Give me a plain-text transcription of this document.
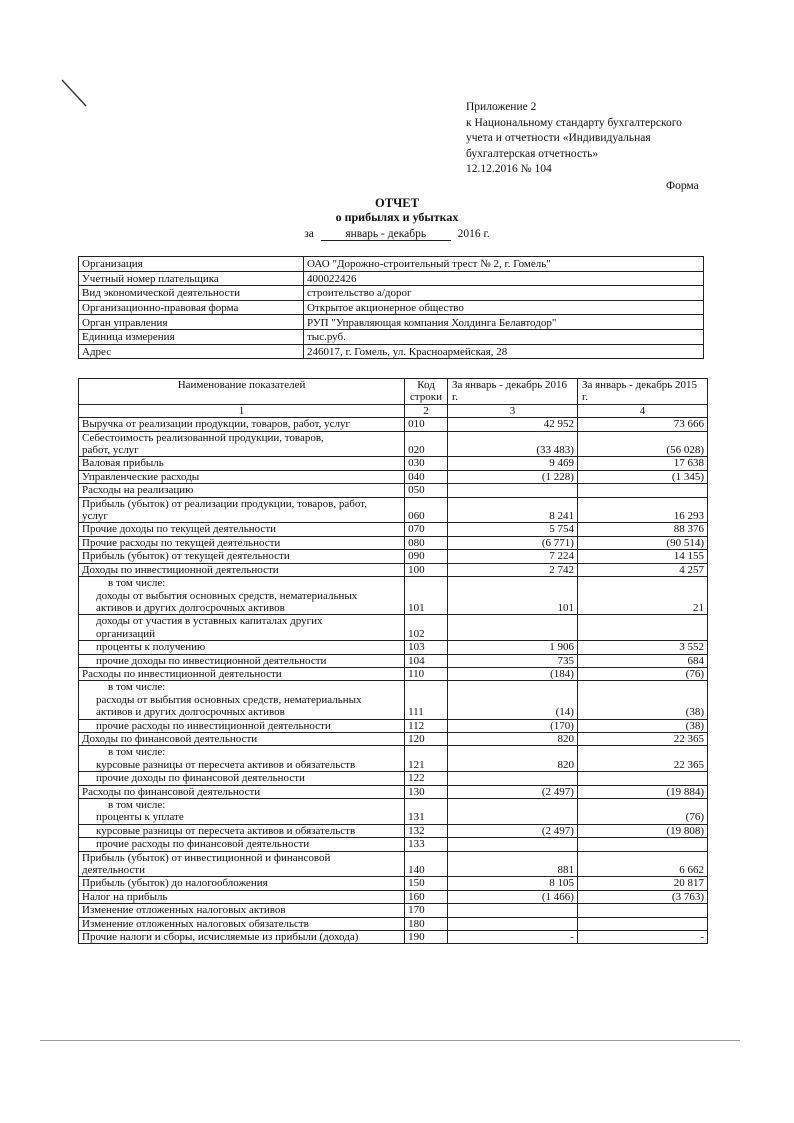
Приложение 2
к Национальному стандарту бухгалтерского
учета и отчетности «Индивидуальная
бухгалтерская отчетность»
12.12.2016 № 104
Форма
ОТЧЕТ
о прибылях и убытках
за	январь - декабрь	2016 г.
Организация	ОАО "Дорожно-строительный трест № 2, г. Гомель"
Учетный номер плательщика	400022426
Вид экономической деятельности	строительство а/дорог
Организационно-правовая форма	Открытое акционерное общество
Орган управления	РУП "Управляющая компания Холдинга Белавтодор"
Единица измерения	тыс.руб.
Адрес	246017, г. Гомель, ул. Красноармейская, 28
Наименование показателей	Код строки	За январь - декабрь 2016 г.	За январь - декабрь 2015 г.
1	2	3	4

Выручка от реализации продукции, товаров, работ, услуг	010	42 952	73 666

Себестоимость реализованной продукции, товаров,
работ, услуг	020	(33 483)	(56 028)

Валовая прибыль	030	9 469	17 638

Управленческие расходы	040	(1 228)	(1 345)

Расходы на реализацию	050		

Прибыль (убыток) от реализации продукции, товаров, работ,
услуг	060	8 241	16 293

Прочие доходы по текущей деятельности	070	5 754	88 376

Прочие расходы по текущей деятельности	080	(6 771)	(90 514)

Прибыль (убыток) от текущей деятельности	090	7 224	14 155

Доходы по инвестиционной деятельности	100	2 742	4 257

в том числе:
доходы от выбытия основных средств, нематериальных
активов и других долгосрочных активов	101	101	21

доходы от участия в уставных капиталах других
организаций	102		

проценты к получению	103	1 906	3 552

прочие доходы по инвестиционной деятельности	104	735	684

Расходы по инвестиционной деятельности	110	(184)	(76)

в том числе:
расходы от выбытия основных средств, нематериальных
активов и других долгосрочных активов	111	(14)	(38)

прочие расходы по инвестиционной деятельности	112	(170)	(38)

Доходы по финансовой деятельности	120	820	22 365

в том числе:
курсовые разницы от пересчета активов и обязательств	121	820	22 365

прочие доходы по финансовой деятельности	122		

Расходы по финансовой деятельности	130	(2 497)	(19 884)

в том числе:
проценты к уплате	131		(76)

курсовые разницы от пересчета активов и обязательств	132	(2 497)	(19 808)

прочие расходы по финансовой деятельности	133		

Прибыль (убыток) от инвестиционной и финансовой
деятельности	140	881	6 662

Прибыль (убыток) до налогообложения	150	8 105	20 817

Налог на прибыль	160	(1 466)	(3 763)

Изменение отложенных налоговых активов	170		

Изменение отложенных налоговых обязательств	180		

Прочие налоги и сборы, исчисляемые из прибыли (дохода)	190	-	-
